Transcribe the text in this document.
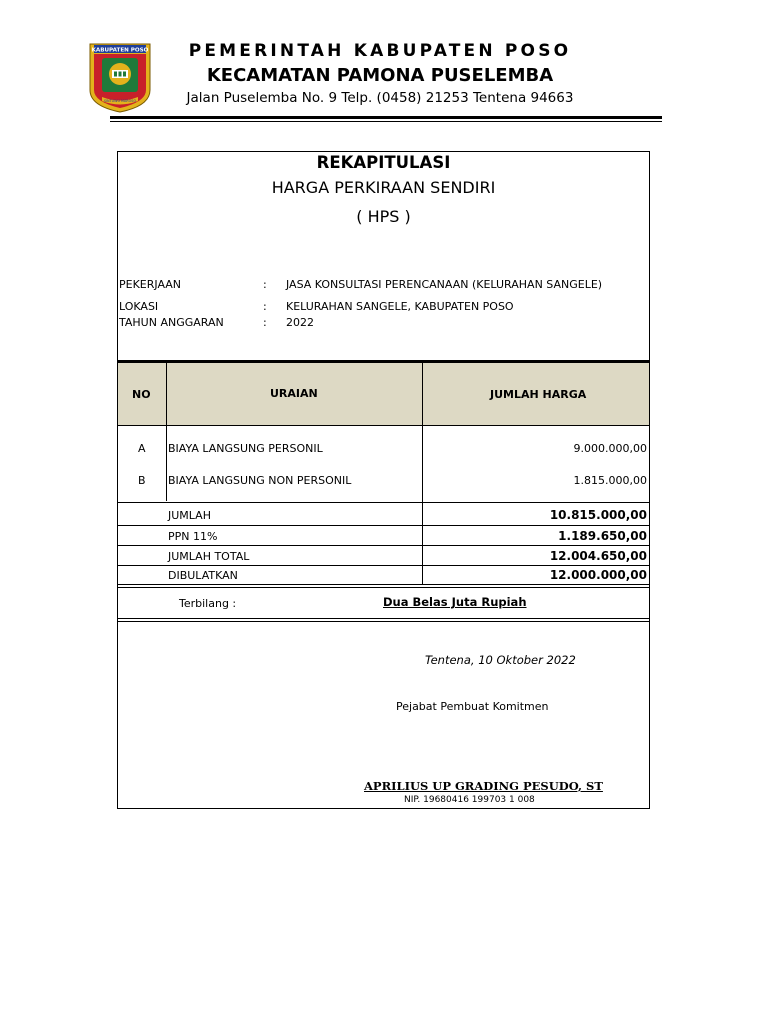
KABUPATEN POSO
SINTUWU MAROSO
PEMERINTAH KABUPATEN POSO
KECAMATAN PAMONA PUSELEMBA
Jalan Puselemba No. 9 Telp. (0458) 21253 Tentena 94663
REKAPITULASI
HARGA PERKIRAAN SENDIRI
( HPS )
PEKERJAAN	: JASA KONSULTASI PERENCANAAN (KELURAHAN SANGELE)
LOKASI	: KELURAHAN SANGELE, KABUPATEN POSO
TAHUN ANGGARAN	: 2022
NO	URAIAN	JUMLAH HARGA
A BIAYA LANGSUNG PERSONIL	9.000.000,00
B BIAYA LANGSUNG NON PERSONIL	1.815.000,00
JUMLAH	10.815.000,00
PPN 11%	1.189.650,00
JUMLAH TOTAL	12.004.650,00
DIBULATKAN	12.000.000,00
Terbilang :	Dua Belas Juta Rupiah
Tentena, 10 Oktober 2022
Pejabat Pembuat Komitmen
APRILIUS UP GRADING PESUDO, ST
NIP. 19680416 199703 1 008
